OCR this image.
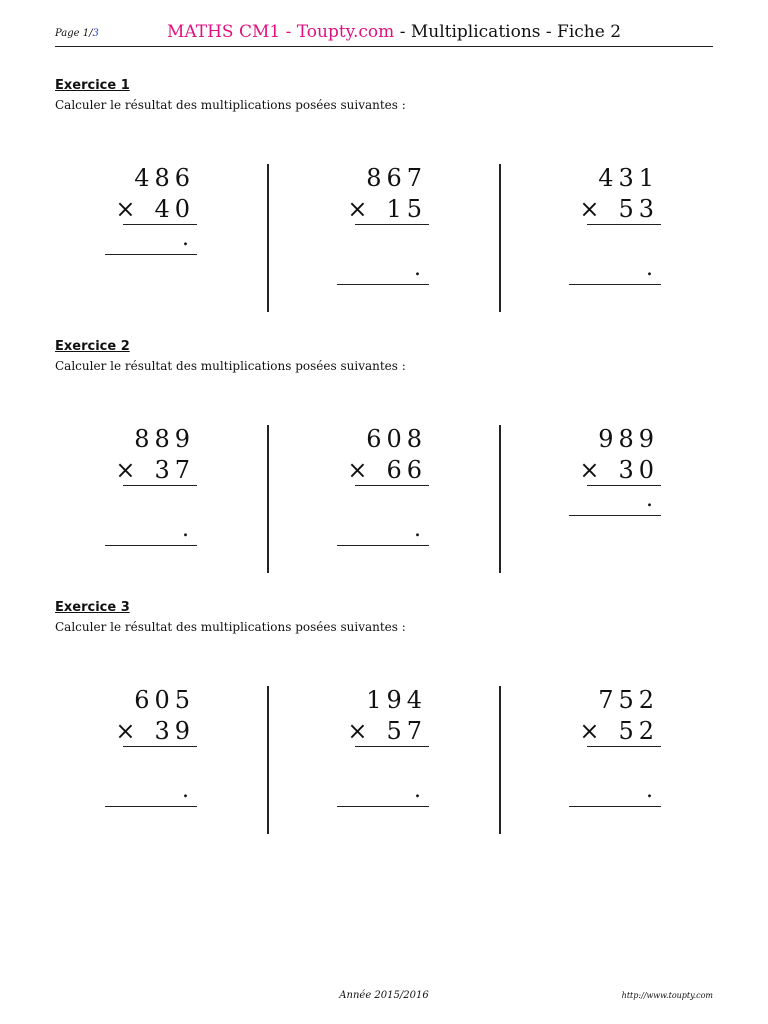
Page 1/3	MATHS CM1 - Toupty.com - Multiplications - Fiche 2
Exercice 1
Calculer le résultat des multiplications posées suivantes :
486
× 40
.
867
× 15
.
431
× 53
.
Exercice 2
Calculer le résultat des multiplications posées suivantes :
889
× 37
.
608
× 66
.
989
× 30
.
Exercice 3
Calculer le résultat des multiplications posées suivantes :
605
× 39
.
194
× 57
.
752
× 52
.
Année 2015/2016	http://www.toupty.com
